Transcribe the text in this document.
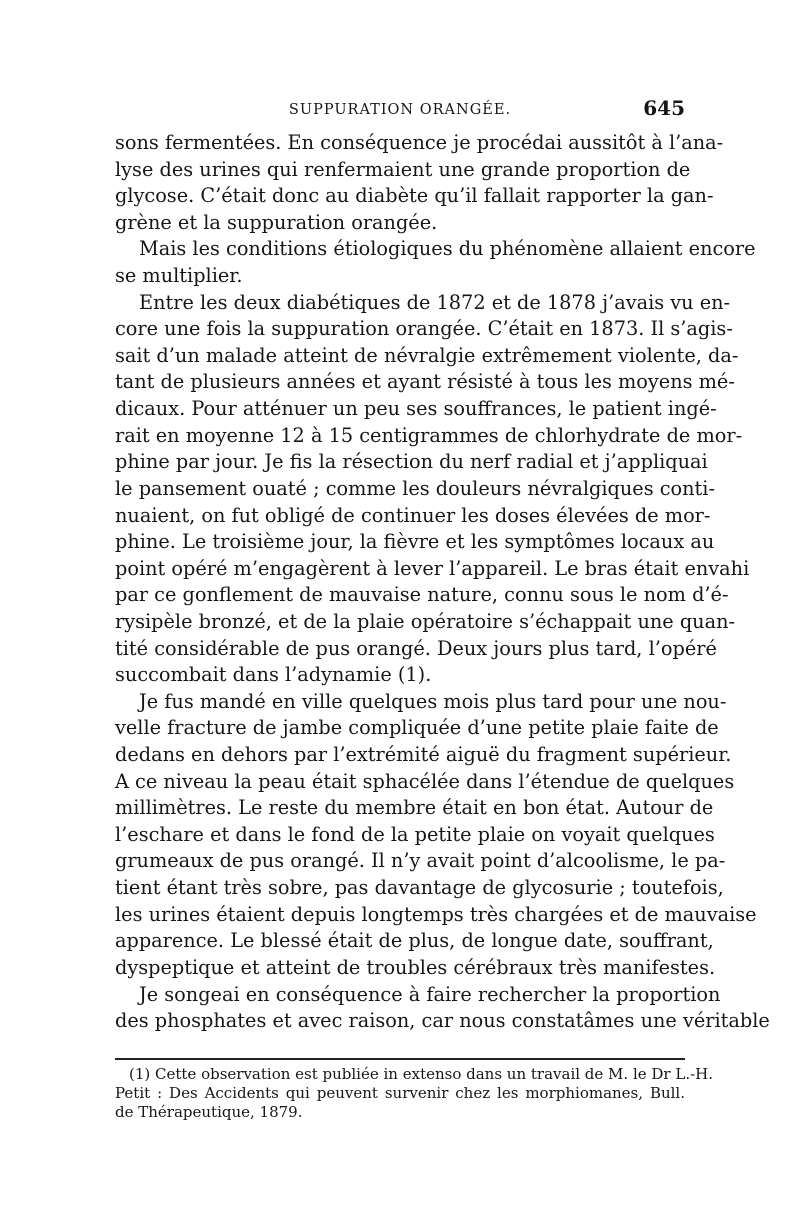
SUPPURATION ORANGÉE.	645
sons fermentées. En conséquence je procédai aussitôt à l’ana-
lyse des urines qui renfermaient une grande proportion de
glycose. C’était donc au diabète qu’il fallait rapporter la gan-
grène et la suppuration orangée.
Mais les conditions étiologiques du phénomène allaient encore
se multiplier.
Entre les deux diabétiques de 1872 et de 1878 j’avais vu en-
core une fois la suppuration orangée. C’était en 1873. Il s’agis-
sait d’un malade atteint de névralgie extrêmement violente, da-
tant de plusieurs années et ayant résisté à tous les moyens mé-
dicaux. Pour atténuer un peu ses souffrances, le patient ingé-
rait en moyenne 12 à 15 centigrammes de chlorhydrate de mor-
phine par jour. Je fis la résection du nerf radial et j’appliquai
le pansement ouaté ; comme les douleurs névralgiques conti-
nuaient, on fut obligé de continuer les doses élevées de mor-
phine. Le troisième jour, la fièvre et les symptômes locaux au
point opéré m’engagèrent à lever l’appareil. Le bras était envahi
par ce gonflement de mauvaise nature, connu sous le nom d’é-
rysipèle bronzé, et de la plaie opératoire s’échappait une quan-
tité considérable de pus orangé. Deux jours plus tard, l’opéré
succombait dans l’adynamie (1).
Je fus mandé en ville quelques mois plus tard pour une nou-
velle fracture de jambe compliquée d’une petite plaie faite de
dedans en dehors par l’extrémité aiguë du fragment supérieur.
A ce niveau la peau était sphacélée dans l’étendue de quelques
millimètres. Le reste du membre était en bon état. Autour de
l’eschare et dans le fond de la petite plaie on voyait quelques
grumeaux de pus orangé. Il n’y avait point d’alcoolisme, le pa-
tient étant très sobre, pas davantage de glycosurie ; toutefois,
les urines étaient depuis longtemps très chargées et de mauvaise
apparence. Le blessé était de plus, de longue date, souffrant,
dyspeptique et atteint de troubles cérébraux très manifestes.
Je songeai en conséquence à faire rechercher la proportion
des phosphates et avec raison, car nous constatâmes une véritable
(1) Cette observation est publiée in extenso dans un travail de M. le Dr L.-H.
Petit : Des Accidents qui peuvent survenir chez les morphiomanes, Bull.
de Thérapeutique, 1879.
